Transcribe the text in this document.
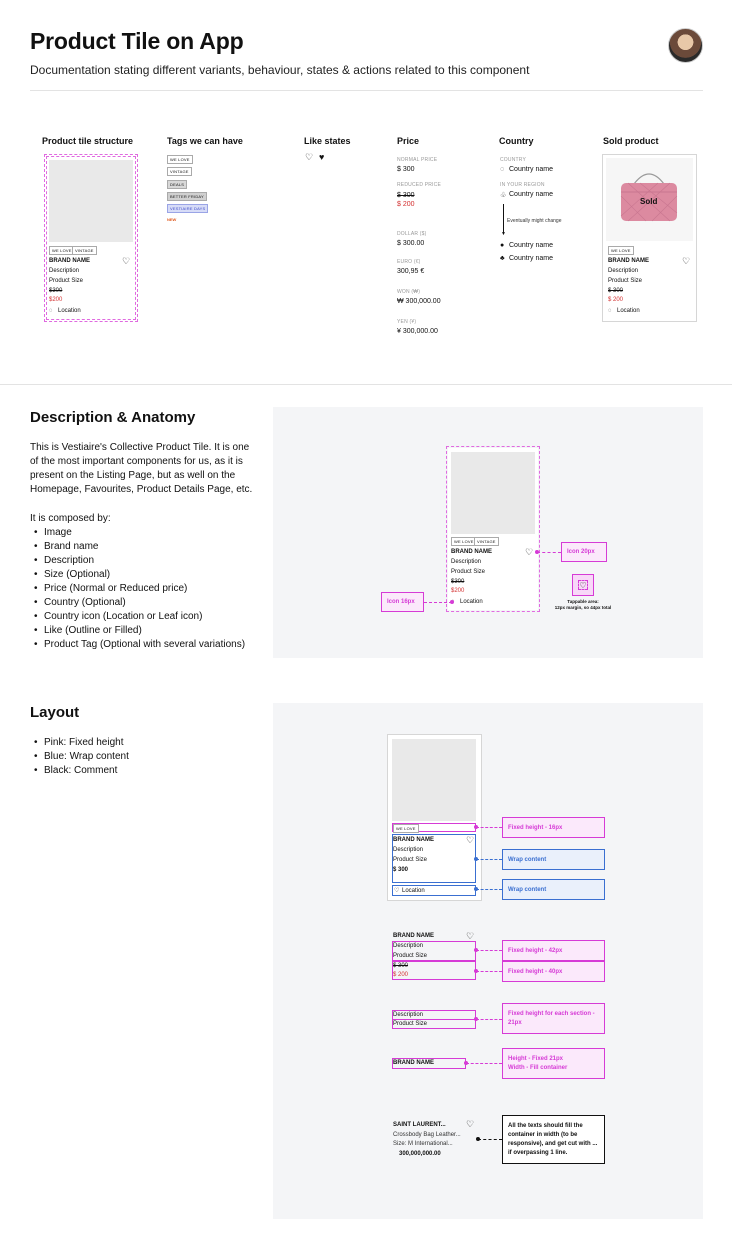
Product Tile on App
Documentation stating different variants, behaviour, states & actions related to this component
Product tile structure
WE LOVE VINTAGE
BRAND NAME	♡
Description
Product Size
$300
$200
◌ Location
Tags we can have
WE LOVE
VINTAGE
DEALS
BETTER FRIDAY
VESTIAIRE DAYS
NEW
Like states
♡ ♥
Price
NORMAL PRICE
$ 300
REDUCED PRICE
$ 300
$ 200
DOLLAR ($)
$ 300.00
EURO (€)
300,95 €
WON (₩)
₩ 300,000.00
YEN (¥)
¥ 300,000.00
Country
COUNTRY
◌ Country name
IN YOUR REGION
♧ Country name
▼
Eventually might change
● Country name
♣ Country name
Sold product
Sold
WE LOVE
BRAND NAME	♡
Description
Product Size
$ 300
$ 200
◌ Location
Description & Anatomy
This is Vestiaire's Collective Product Tile. It is one of the most important components for us, as it is present on the Listing Page, but as well on the Homepage, Favourites, Product Details Page, etc.
It is composed by:
• Image
• Brand name
• Description
• Size (Optional)
• Price (Normal or Reduced price)
• Country (Optional)
• Country icon (Location or Leaf icon)
• Like (Outline or Filled)
• Product Tag (Optional with several variations)
WE LOVE VINTAGE
BRAND NAME	♡
Description
Product Size
$300
$200
Location
Icon 20px
Icon 16px
♡
Tappable area:
12px margin, so 44px total
Layout
• Pink: Fixed height
• Blue: Wrap content
• Black: Comment
WE LOVE
BRAND NAME	♡
Description
Product Size
$ 300
♡ Location
Fixed height - 16px
Wrap content
Wrap content
BRAND NAME	♡
Description
Product Size
$ 300
$ 200
Fixed height - 42px
Fixed height - 40px
Description
Product Size
Fixed height for each section - 21px
BRAND NAME
Height - Fixed 21px
Width - Fill container
SAINT LAURENT... ♡
Crossbody Bag Leather...
Size: M International...
300,000,000.00
All the texts should fill the container in width (to be responsive), and get cut with ... if overpassing 1 line.
